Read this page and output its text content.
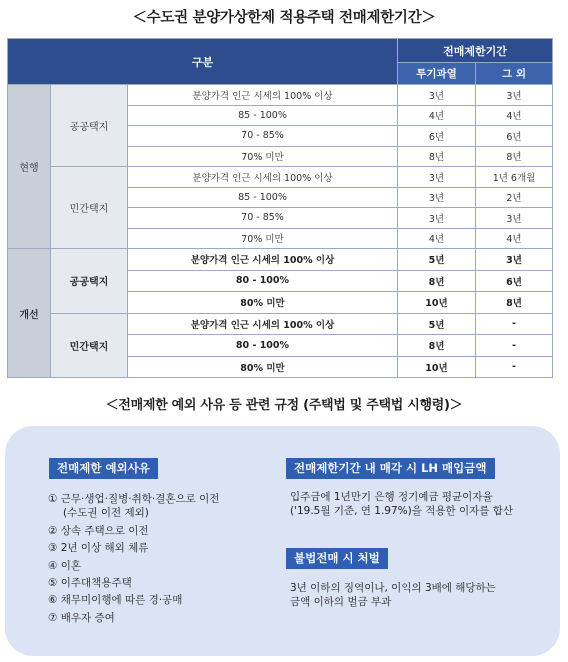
＜수도권 분양가상한제 적용주택 전매제한기간＞
구분			전매제한기간	
			투기과열	그 외
현행	공공택지	분양가격 인근 시세의 100% 이상	3년	3년
		85 - 100%	4년	4년
		70 - 85%	6년	6년
		70% 미만	8년	8년
	민간택지	분양가격 인근 시세의 100% 이상	3년	1년 6개월
		85 - 100%	3년	2년
		70 - 85%	3년	3년
		70% 미만	4년	4년
개선	공공택지	분양가격 인근 시세의 100% 이상	5년	3년
		80 - 100%	8년	6년
		80% 미만	10년	8년
	민간택지	분양가격 인근 시세의 100% 이상	5년	-
		80 - 100%	8년	-
		80% 미만	10년	-
＜전매제한 예외 사유 등 관련 규정 (주택법 및 주택법 시행령)＞
전매제한 예외사유
① 근무·생업·질병·취학·결혼으로 이전
(수도권 이전 제외)
② 상속 주택으로 이전
③ 2년 이상 해외 체류
④ 이혼
⑤ 이주대책용주택
⑥ 채무미이행에 따른 경·공매
⑦ 배우자 증여
전매제한기간 내 매각 시 LH 매입금액
입주금에 1년만기 은행 정기예금 평균이자율
('19.5월 기준, 연 1.97%)을 적용한 이자를 합산
불법전매 시 처벌
3년 이하의 징역이나, 이익의 3배에 해당하는
금액 이하의 벌금 부과
